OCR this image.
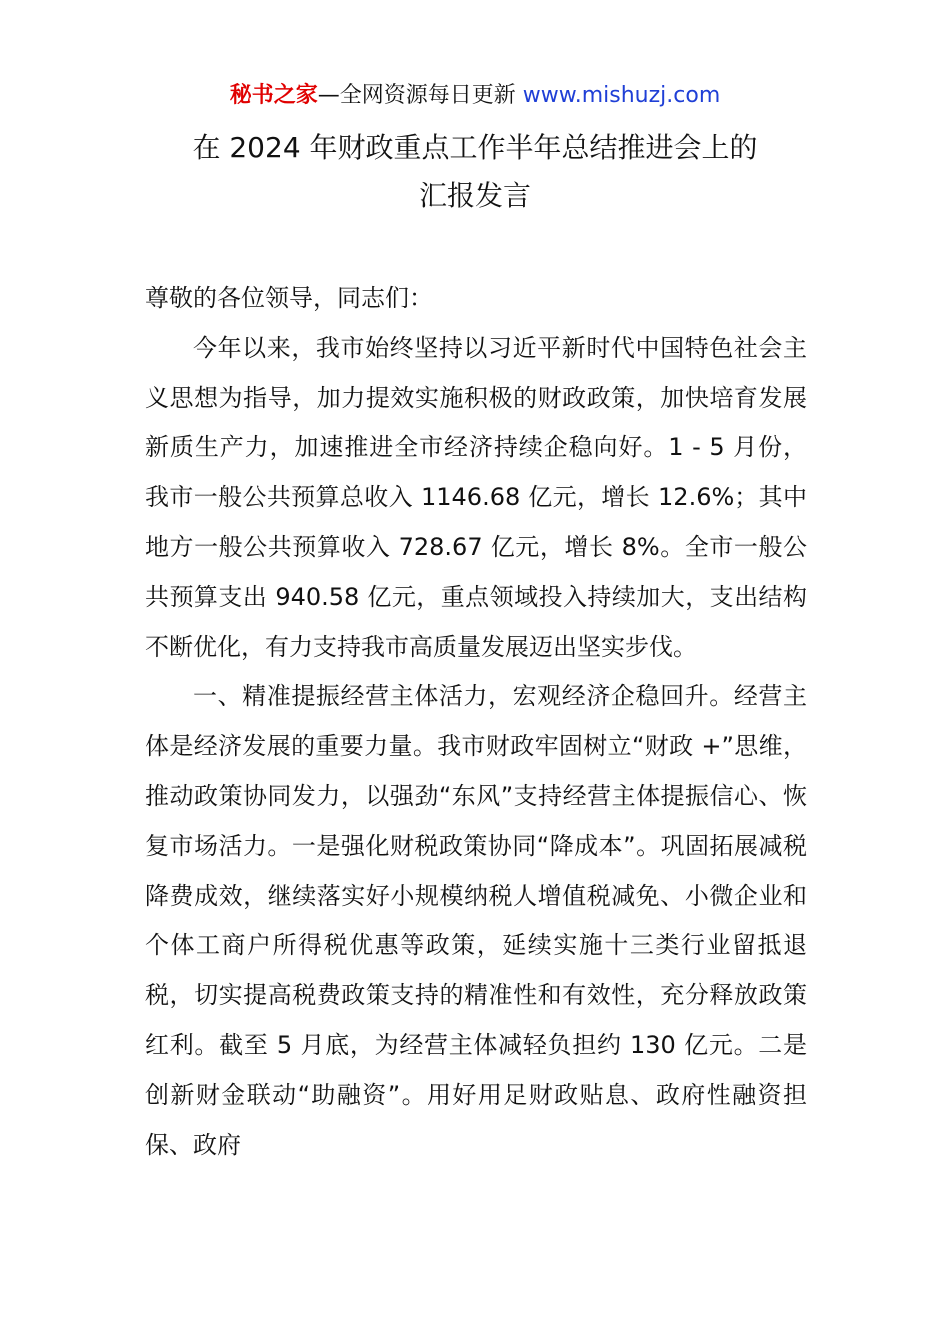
秘书之家—全网资源每日更新 www.mishuzj.com
在 2024 年财政重点工作半年总结推进会上的
汇报发言

尊敬的各位领导，同志们：

今年以来，我市始终坚持以习近平新时代中国特色社会主义思想为指导，加力提效实施积极的财政政策，加快培育发展新质生产力，加速推进全市经济持续企稳向好。1 - 5 月份，我市一般公共预算总收入 1146.68 亿元，增长 12.6%；其中地方一般公共预算收入 728.67 亿元，增长 8%。全市一般公共预算支出 940.58 亿元，重点领域投入持续加大，支出结构不断优化，有力支持我市高质量发展迈出坚实步伐。

一、精准提振经营主体活力，宏观经济企稳回升。经营主体是经济发展的重要力量。我市财政牢固树立“财政 +”思维，推动政策协同发力，以强劲“东风”支持经营主体提振信心、恢复市场活力。一是强化财税政策协同“降成本”。巩固拓展减税降费成效，继续落实好小规模纳税人增值税减免、小微企业和个体工商户所得税优惠等政策，延续实施十三类行业留抵退税，切实提高税费政策支持的精准性和有效性，充分释放政策红利。截至 5 月底，为经营主体减轻负担约 130 亿元。二是创新财金联动“助融资”。用好用足财政贴息、政府性融资担保、政府
